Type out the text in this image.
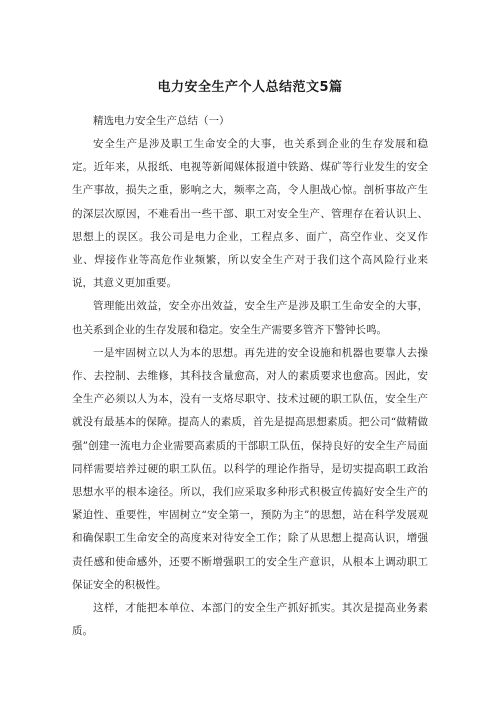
电力安全生产个人总结范文5篇

精选电力安全生产总结（一）

安全生产是涉及职工生命安全的大事，也关系到企业的生存发展和稳定。近年来，从报纸、电视等新闻媒体报道中铁路、煤矿等行业发生的安全生产事故，损失之重，影响之大，频率之高，令人胆战心惊。剖析事故产生的深层次原因，不难看出一些干部、职工对安全生产、管理存在着认识上、思想上的误区。我公司是电力企业，工程点多、面广，高空作业、交叉作业、焊接作业等高危作业频繁，所以安全生产对于我们这个高风险行业来说，其意义更加重要。

管理能出效益，安全亦出效益，安全生产是涉及职工生命安全的大事，也关系到企业的生存发展和稳定。安全生产需要多管齐下警钟长鸣。

一是牢固树立以人为本的思想。再先进的安全设施和机器也要靠人去操作、去控制、去维修，其科技含量愈高，对人的素质要求也愈高。因此，安全生产必须以人为本，没有一支烙尽职守、技术过硬的职工队伍，安全生产就没有最基本的保障。提高人的素质，首先是提高思想素质。把公司“做精做强”创建一流电力企业需要高素质的干部职工队伍，保持良好的安全生产局面同样需要培养过硬的职工队伍。以科学的理论作指导，是切实提高职工政治思想水平的根本途径。所以，我们应采取多种形式积极宣传搞好安全生产的紧迫性、重要性，牢固树立“安全第一，预防为主”的思想，站在科学发展观和确保职工生命安全的高度来对待安全工作；除了从思想上提高认识，增强责任感和使命感外，还要不断增强职工的安全生产意识，从根本上调动职工保证安全的积极性。

这样，才能把本单位、本部门的安全生产抓好抓实。其次是提高业务素质。
